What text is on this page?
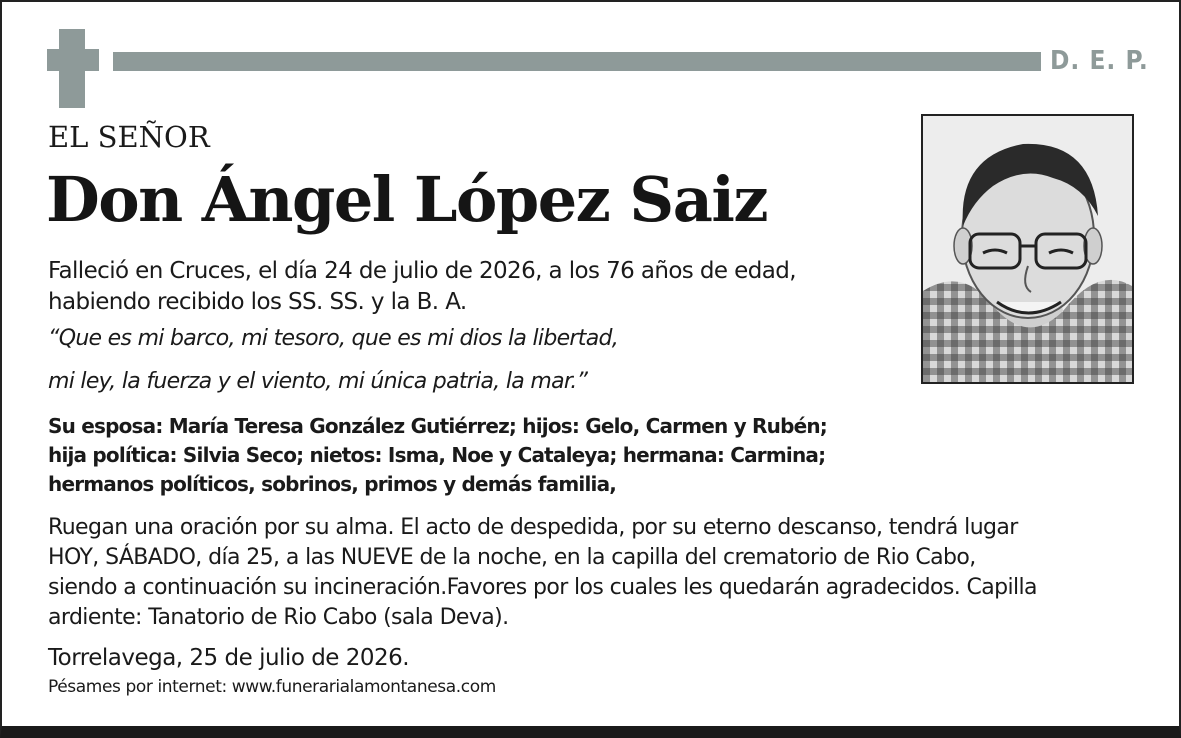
D. E. P.
EL SEÑOR
Don Ángel López Saiz
Falleció en Cruces, el día 24 de julio de 2026, a los 76 años de edad,
habiendo recibido los SS. SS. y la B. A.
“Que es mi barco, mi tesoro, que es mi dios la libertad,
mi ley, la fuerza y el viento, mi única patria, la mar.”
Su esposa: María Teresa González Gutiérrez; hijos: Gelo, Carmen y Rubén;
hija política: Silvia Seco; nietos: Isma, Noe y Cataleya; hermana: Carmina;
hermanos políticos, sobrinos, primos y demás familia,
Ruegan una oración por su alma. El acto de despedida, por su eterno descanso, tendrá lugar
HOY, SÁBADO, día 25, a las NUEVE de la noche, en la capilla del crematorio de Rio Cabo,
siendo a continuación su incineración.Favores por los cuales les quedarán agradecidos. Capilla
ardiente: Tanatorio de Rio Cabo (sala Deva).
Torrelavega, 25 de julio de 2026.
Pésames por internet: www.funerarialamontanesa.com
